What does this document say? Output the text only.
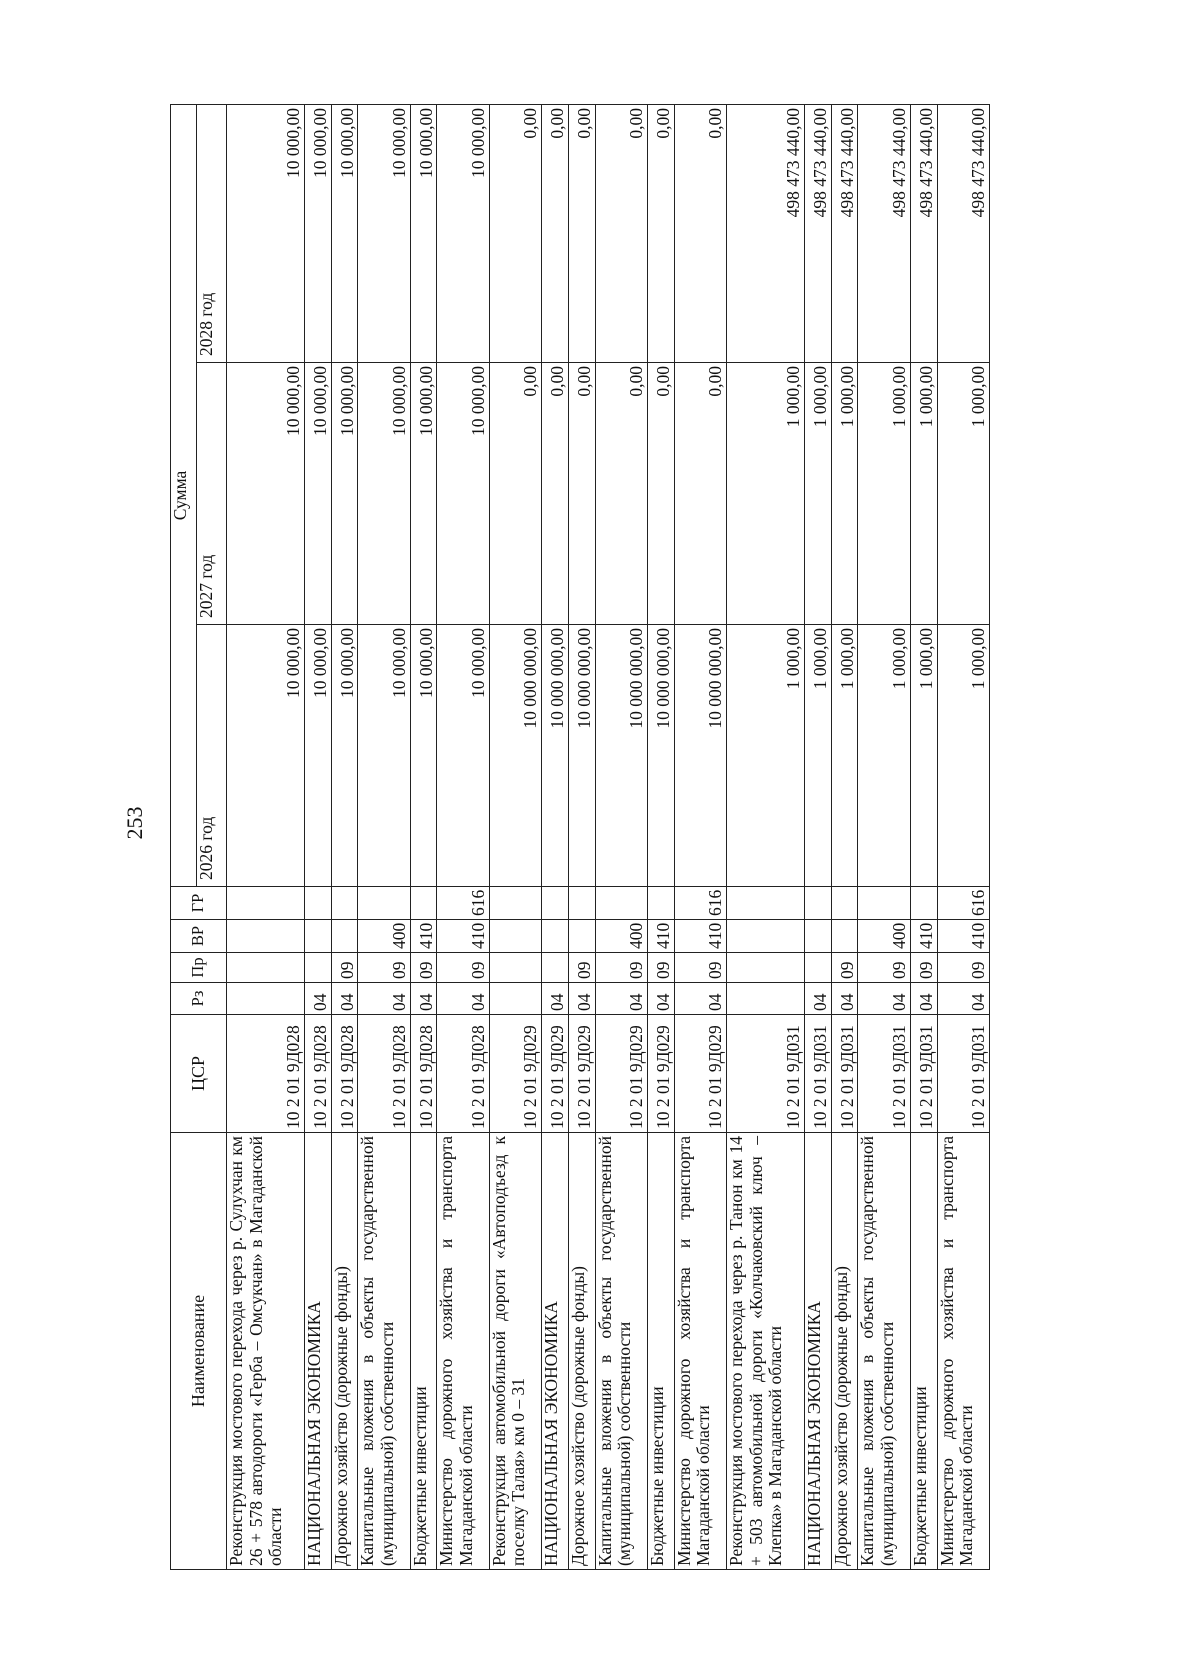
253
Наименование	ЦСР	Рз	Пр	ВР	ГР	Сумма		
						2026 год	2027 год	2028 год
Реконструкция мостового перехода через р. Сулухчан км 26 + 578 автодороги «Герба – Омсукчан» в Магаданской области	10 2 01 9Д028					10 000,00	10 000,00	10 000,00
НАЦИОНАЛЬНАЯ ЭКОНОМИКА	10 2 01 9Д028	04				10 000,00	10 000,00	10 000,00
Дорожное хозяйство (дорожные фонды)	10 2 01 9Д028	04	09			10 000,00	10 000,00	10 000,00
Капитальные вложения в объекты государственной (муниципальной) собственности	10 2 01 9Д028	04	09	400		10 000,00	10 000,00	10 000,00
Бюджетные инвестиции	10 2 01 9Д028	04	09	410		10 000,00	10 000,00	10 000,00
Министерство дорожного хозяйства и транспорта Магаданской области	10 2 01 9Д028	04	09	410	616	10 000,00	10 000,00	10 000,00
Реконструкция автомобильной дороги «Автоподъезд к поселку Талая» км 0 – 31	10 2 01 9Д029					10 000 000,00	0,00	0,00
НАЦИОНАЛЬНАЯ ЭКОНОМИКА	10 2 01 9Д029	04				10 000 000,00	0,00	0,00
Дорожное хозяйство (дорожные фонды)	10 2 01 9Д029	04	09			10 000 000,00	0,00	0,00
Капитальные вложения в объекты государственной (муниципальной) собственности	10 2 01 9Д029	04	09	400		10 000 000,00	0,00	0,00
Бюджетные инвестиции	10 2 01 9Д029	04	09	410		10 000 000,00	0,00	0,00
Министерство дорожного хозяйства и транспорта Магаданской области	10 2 01 9Д029	04	09	410	616	10 000 000,00	0,00	0,00
Реконструкция мостового перехода через р. Танон км 14 + 503 автомобильной дороги «Колчаковский ключ – Клепка» в Магаданской области	10 2 01 9Д031					1 000,00	1 000,00	498 473 440,00
НАЦИОНАЛЬНАЯ ЭКОНОМИКА	10 2 01 9Д031	04				1 000,00	1 000,00	498 473 440,00
Дорожное хозяйство (дорожные фонды)	10 2 01 9Д031	04	09			1 000,00	1 000,00	498 473 440,00
Капитальные вложения в объекты государственной (муниципальной) собственности	10 2 01 9Д031	04	09	400		1 000,00	1 000,00	498 473 440,00
Бюджетные инвестиции	10 2 01 9Д031	04	09	410		1 000,00	1 000,00	498 473 440,00
Министерство дорожного хозяйства и транспорта Магаданской области	10 2 01 9Д031	04	09	410	616	1 000,00	1 000,00	498 473 440,00
